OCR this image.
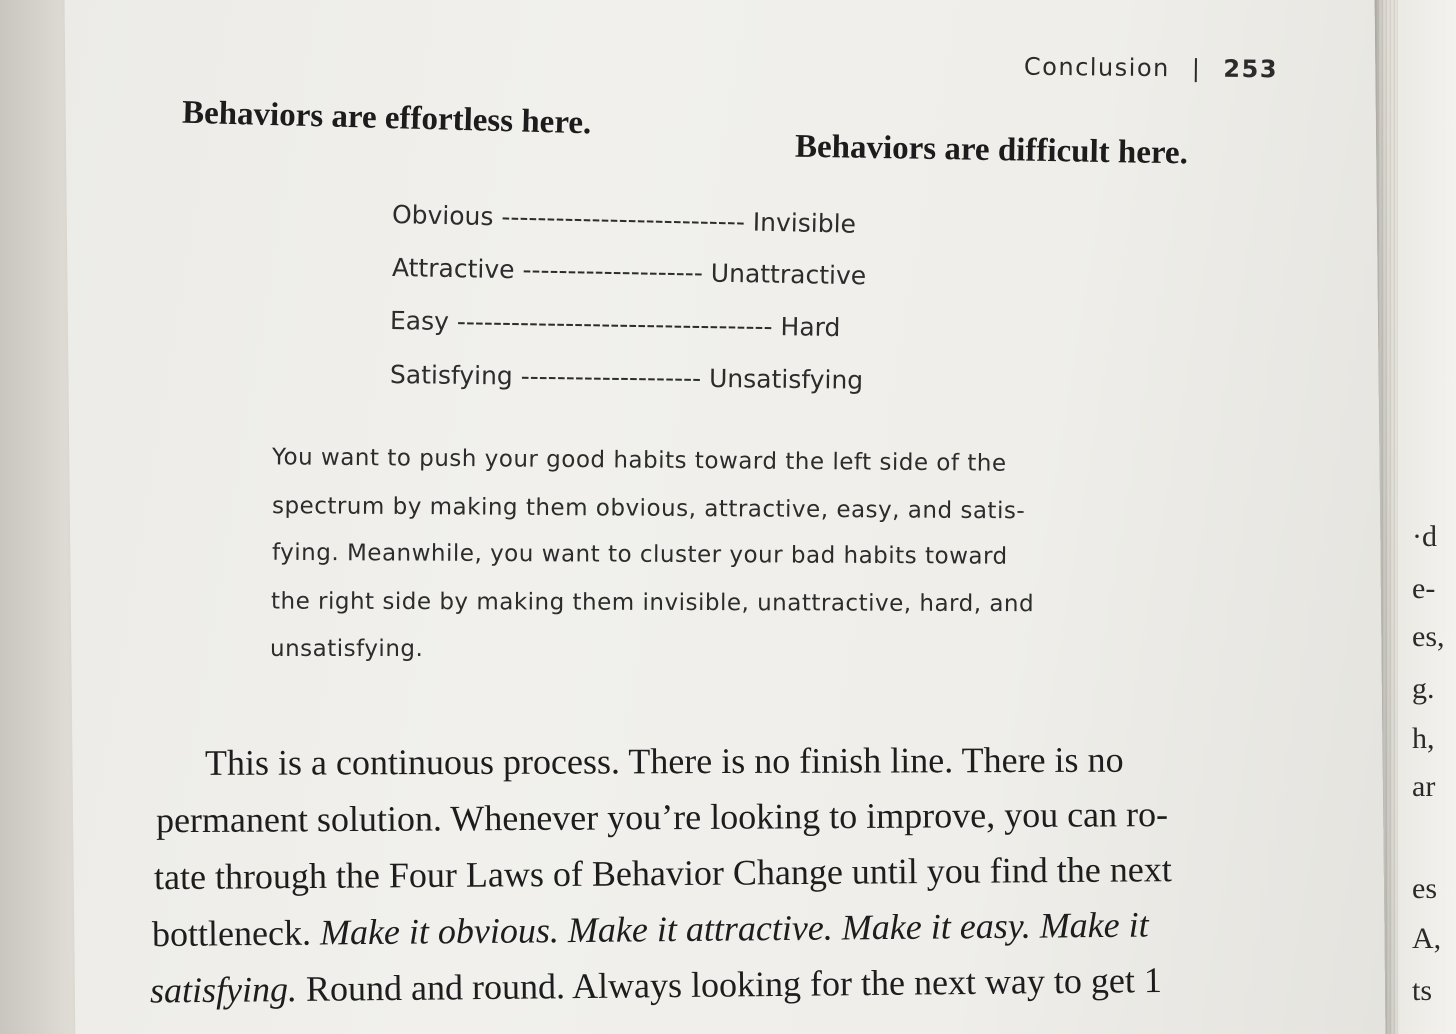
·d
e-
es,
g.
h,
ar
es
A,
ts
Conclusion | 253
Behaviors are effortless here.
Behaviors are difficult here.
Obvious --------------------------- Invisible
Attractive -------------------- Unattractive
Easy ----------------------------------- Hard
Satisfying -------------------- Unsatisfying
You want to push your good habits toward the left side of the
spectrum by making them obvious, attractive, easy, and satis-
fying. Meanwhile, you want to cluster your bad habits toward
the right side by making them invisible, unattractive, hard, and
unsatisfying.
This is a continuous process. There is no finish line. There is no
permanent solution. Whenever you’re looking to improve, you can ro-
tate through the Four Laws of Behavior Change until you find the next
bottleneck. Make it obvious. Make it attractive. Make it easy. Make it
satisfying. Round and round. Always looking for the next way to get 1
